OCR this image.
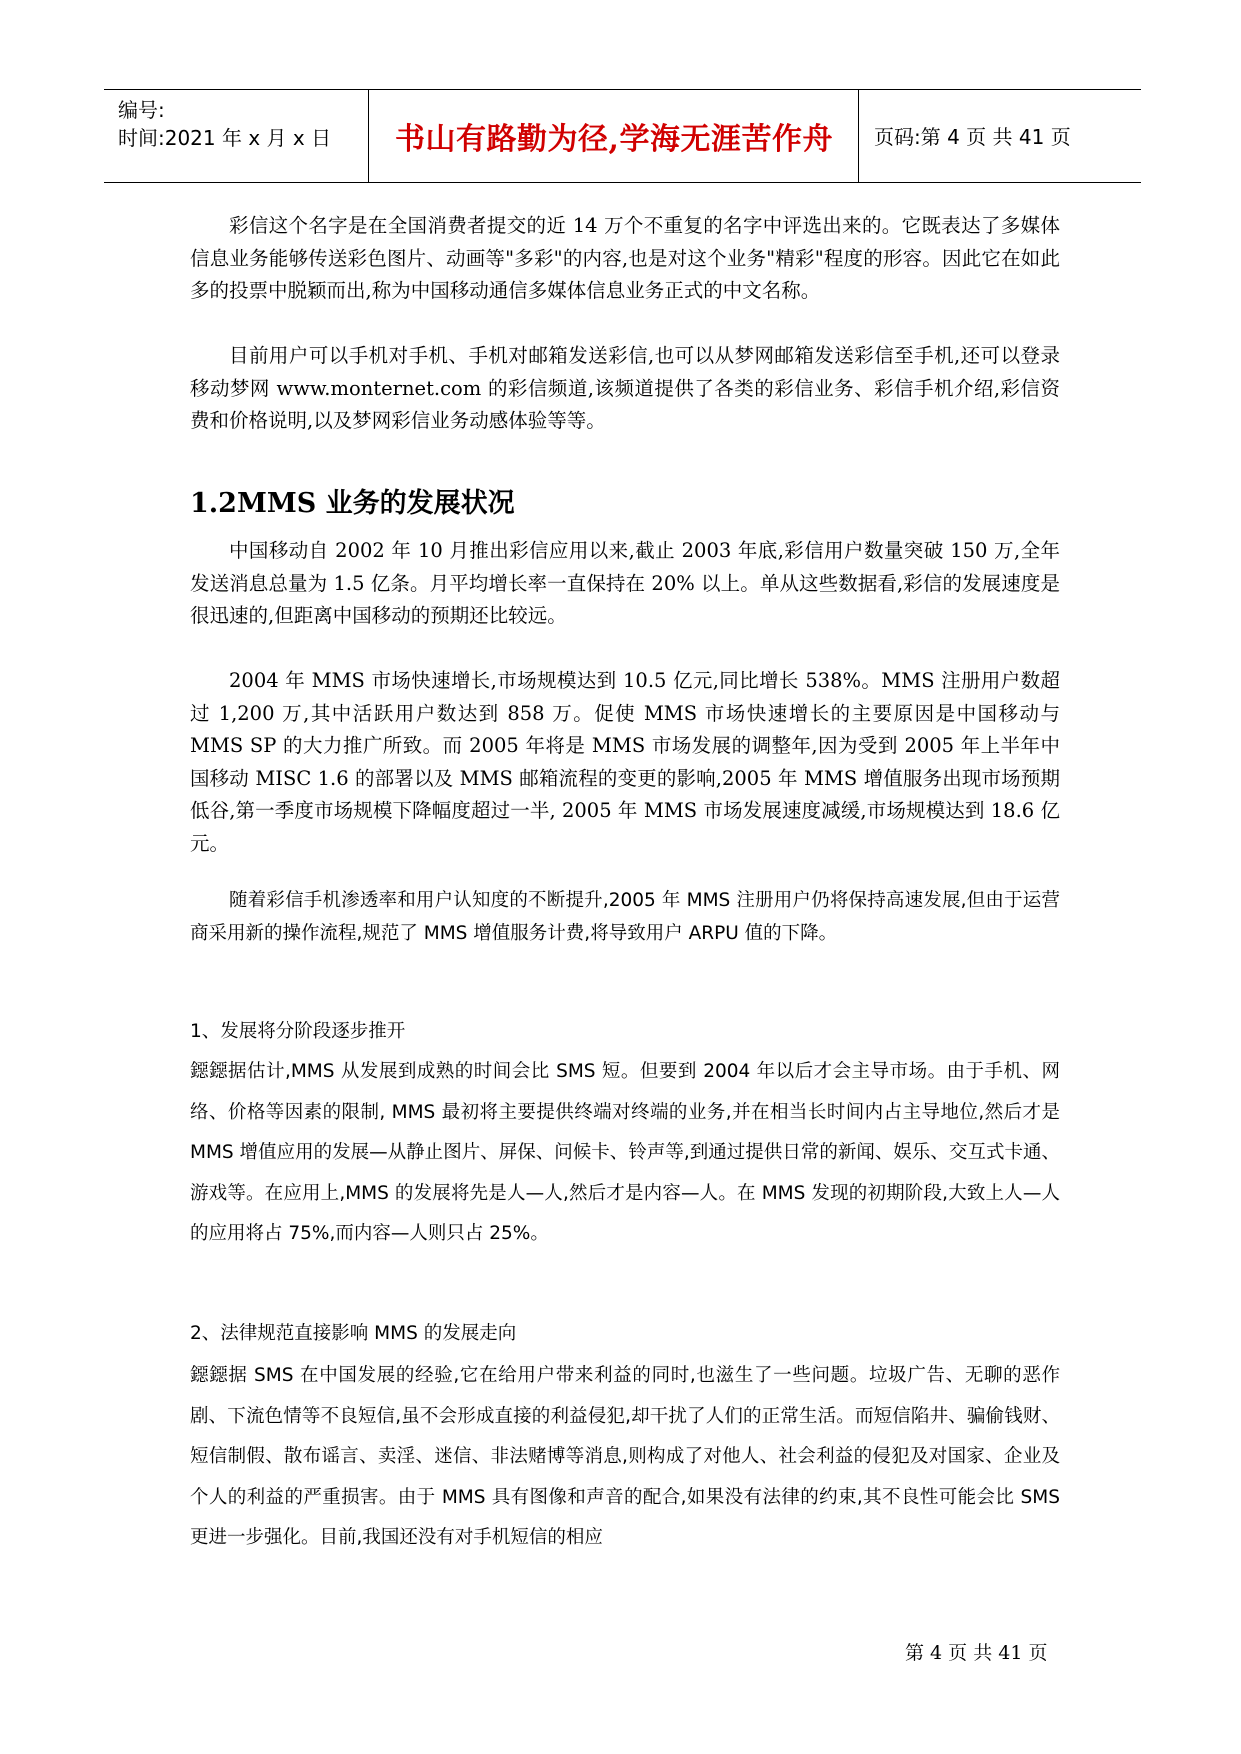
编号:
时间:2021 年 x 月 x 日	书山有路勤为径,学海无涯苦作舟	页码:第 4 页 共 41 页

彩信这个名字是在全国消费者提交的近 14 万个不重复的名字中评选出来的。它既表达了多媒体信息业务能够传送彩色图片、动画等"多彩"的内容,也是对这个业务"精彩"程度的形容。因此它在如此多的投票中脱颖而出,称为中国移动通信多媒体信息业务正式的中文名称。

目前用户可以手机对手机、手机对邮箱发送彩信,也可以从梦网邮箱发送彩信至手机,还可以登录移动梦网 www.monternet.com 的彩信频道,该频道提供了各类的彩信业务、彩信手机介绍,彩信资费和价格说明,以及梦网彩信业务动感体验等等。

1.2MMS 业务的发展状况

中国移动自 2002 年 10 月推出彩信应用以来,截止 2003 年底,彩信用户数量突破 150 万,全年发送消息总量为 1.5 亿条。月平均增长率一直保持在 20% 以上。单从这些数据看,彩信的发展速度是很迅速的,但距离中国移动的预期还比较远。

2004 年 MMS 市场快速增长,市场规模达到 10.5 亿元,同比增长 538%。MMS 注册用户数超过 1,200 万,其中活跃用户数达到 858 万。促使 MMS 市场快速增长的主要原因是中国移动与 MMS SP 的大力推广所致。而 2005 年将是 MMS 市场发展的调整年,因为受到 2005 年上半年中国移动 MISC 1.6 的部署以及 MMS 邮箱流程的变更的影响,2005 年 MMS 增值服务出现市场预期低谷,第一季度市场规模下降幅度超过一半, 2005 年 MMS 市场发展速度减缓,市场规模达到 18.6 亿元。

随着彩信手机渗透率和用户认知度的不断提升,2005 年 MMS 注册用户仍将保持高速发展,但由于运营商采用新的操作流程,规范了 MMS 增值服务计费,将导致用户 ARPU 值的下降。

1、发展将分阶段逐步推开

鐚鐚据估计,MMS 从发展到成熟的时间会比 SMS 短。但要到 2004 年以后才会主导市场。由于手机、网络、价格等因素的限制, MMS 最初将主要提供终端对终端的业务,并在相当长时间内占主导地位,然后才是 MMS 增值应用的发展—从静止图片、屏保、问候卡、铃声等,到通过提供日常的新闻、娱乐、交互式卡通、游戏等。在应用上,MMS 的发展将先是人—人,然后才是内容—人。在 MMS 发现的初期阶段,大致上人—人的应用将占 75%,而内容—人则只占 25%。

2、法律规范直接影响 MMS 的发展走向

鐚鐚据 SMS 在中国发展的经验,它在给用户带来利益的同时,也滋生了一些问题。垃圾广告、无聊的恶作剧、下流色情等不良短信,虽不会形成直接的利益侵犯,却干扰了人们的正常生活。而短信陷井、骗偷钱财、短信制假、散布谣言、卖淫、迷信、非法赌博等消息,则构成了对他人、社会利益的侵犯及对国家、企业及个人的利益的严重损害。由于 MMS 具有图像和声音的配合,如果没有法律的约束,其不良性可能会比 SMS 更进一步强化。目前,我国还没有对手机短信的相应

第 4 页 共 41 页
